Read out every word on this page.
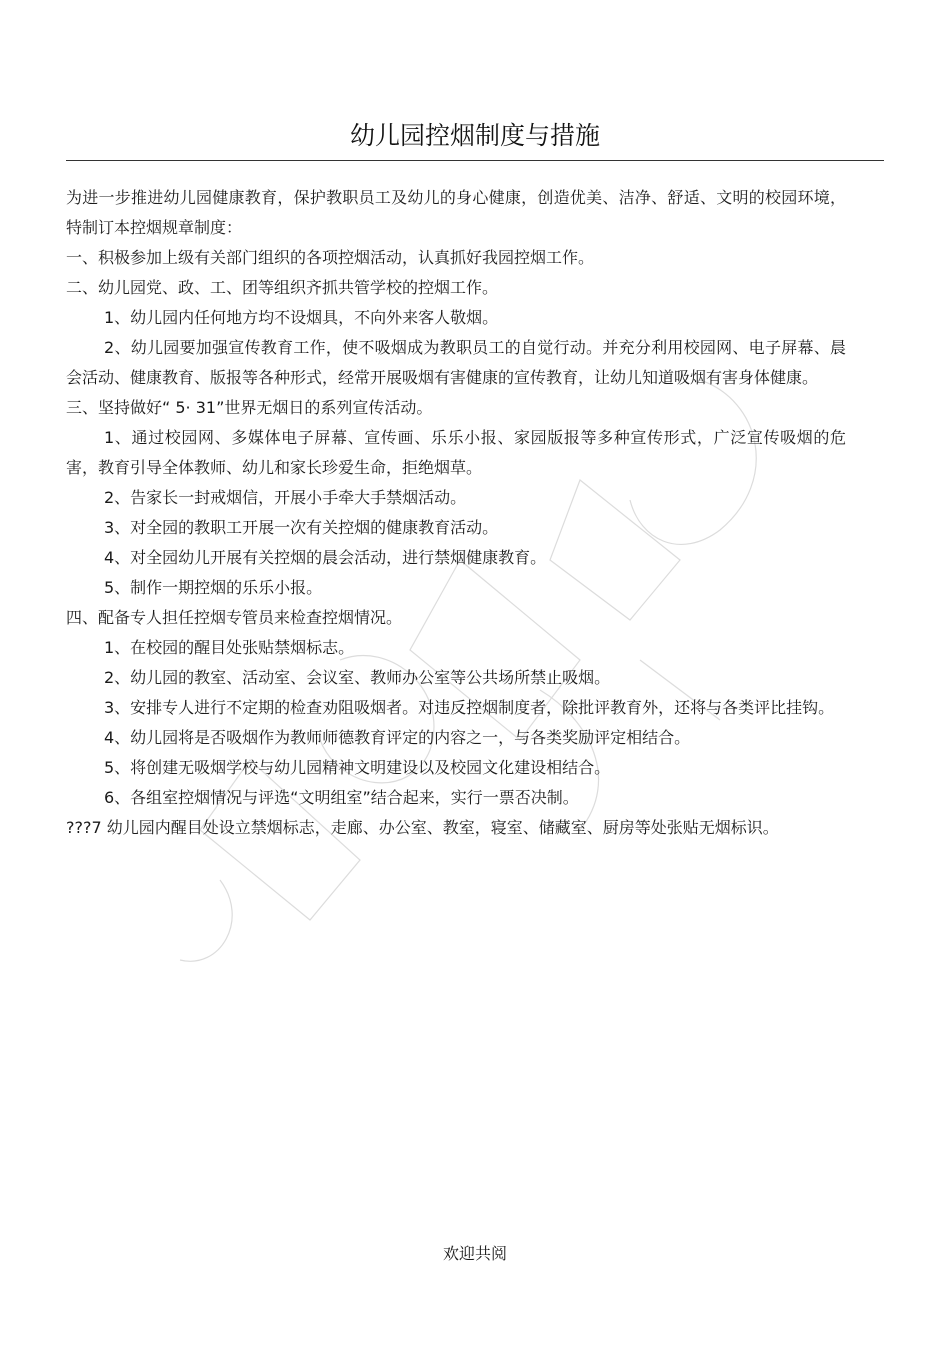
幼儿园控烟制度与措施

为进一步推进幼儿园健康教育，保护教职员工及幼儿的身心健康，创造优美、洁净、舒适、文明的校园环境，特制订本控烟规章制度：

一、积极参加上级有关部门组织的各项控烟活动，认真抓好我园控烟工作。

二、幼儿园党、政、工、团等组织齐抓共管学校的控烟工作。

1、幼儿园内任何地方均不设烟具，不向外来客人敬烟。

2、幼儿园要加强宣传教育工作，使不吸烟成为教职员工的自觉行动。并充分利用校园网、电子屏幕、晨会活动、健康教育、版报等各种形式，经常开展吸烟有害健康的宣传教育，让幼儿知道吸烟有害身体健康。

三、坚持做好“ 5· 31”世界无烟日的系列宣传活动。

1、通过校园网、多媒体电子屏幕、宣传画、乐乐小报、家园版报等多种宣传形式，广泛宣传吸烟的危害，教育引导全体教师、幼儿和家长珍爱生命，拒绝烟草。

2、告家长一封戒烟信，开展小手牵大手禁烟活动。

3、对全园的教职工开展一次有关控烟的健康教育活动。

4、对全园幼儿开展有关控烟的晨会活动，进行禁烟健康教育。

5、制作一期控烟的乐乐小报。

四、配备专人担任控烟专管员来检查控烟情况。

1、在校园的醒目处张贴禁烟标志。

2、幼儿园的教室、活动室、会议室、教师办公室等公共场所禁止吸烟。

3、安排专人进行不定期的检查劝阻吸烟者。对违反控烟制度者，除批评教育外，还将与各类评比挂钩。

4、幼儿园将是否吸烟作为教师师德教育评定的内容之一，与各类奖励评定相结合。

5、将创建无吸烟学校与幼儿园精神文明建设以及校园文化建设相结合。

6、各组室控烟情况与评选“文明组室”结合起来，实行一票否决制。

???7 幼儿园内醒目处设立禁烟标志，走廊、办公室、教室，寝室、储藏室、厨房等处张贴无烟标识。

欢迎共阅
